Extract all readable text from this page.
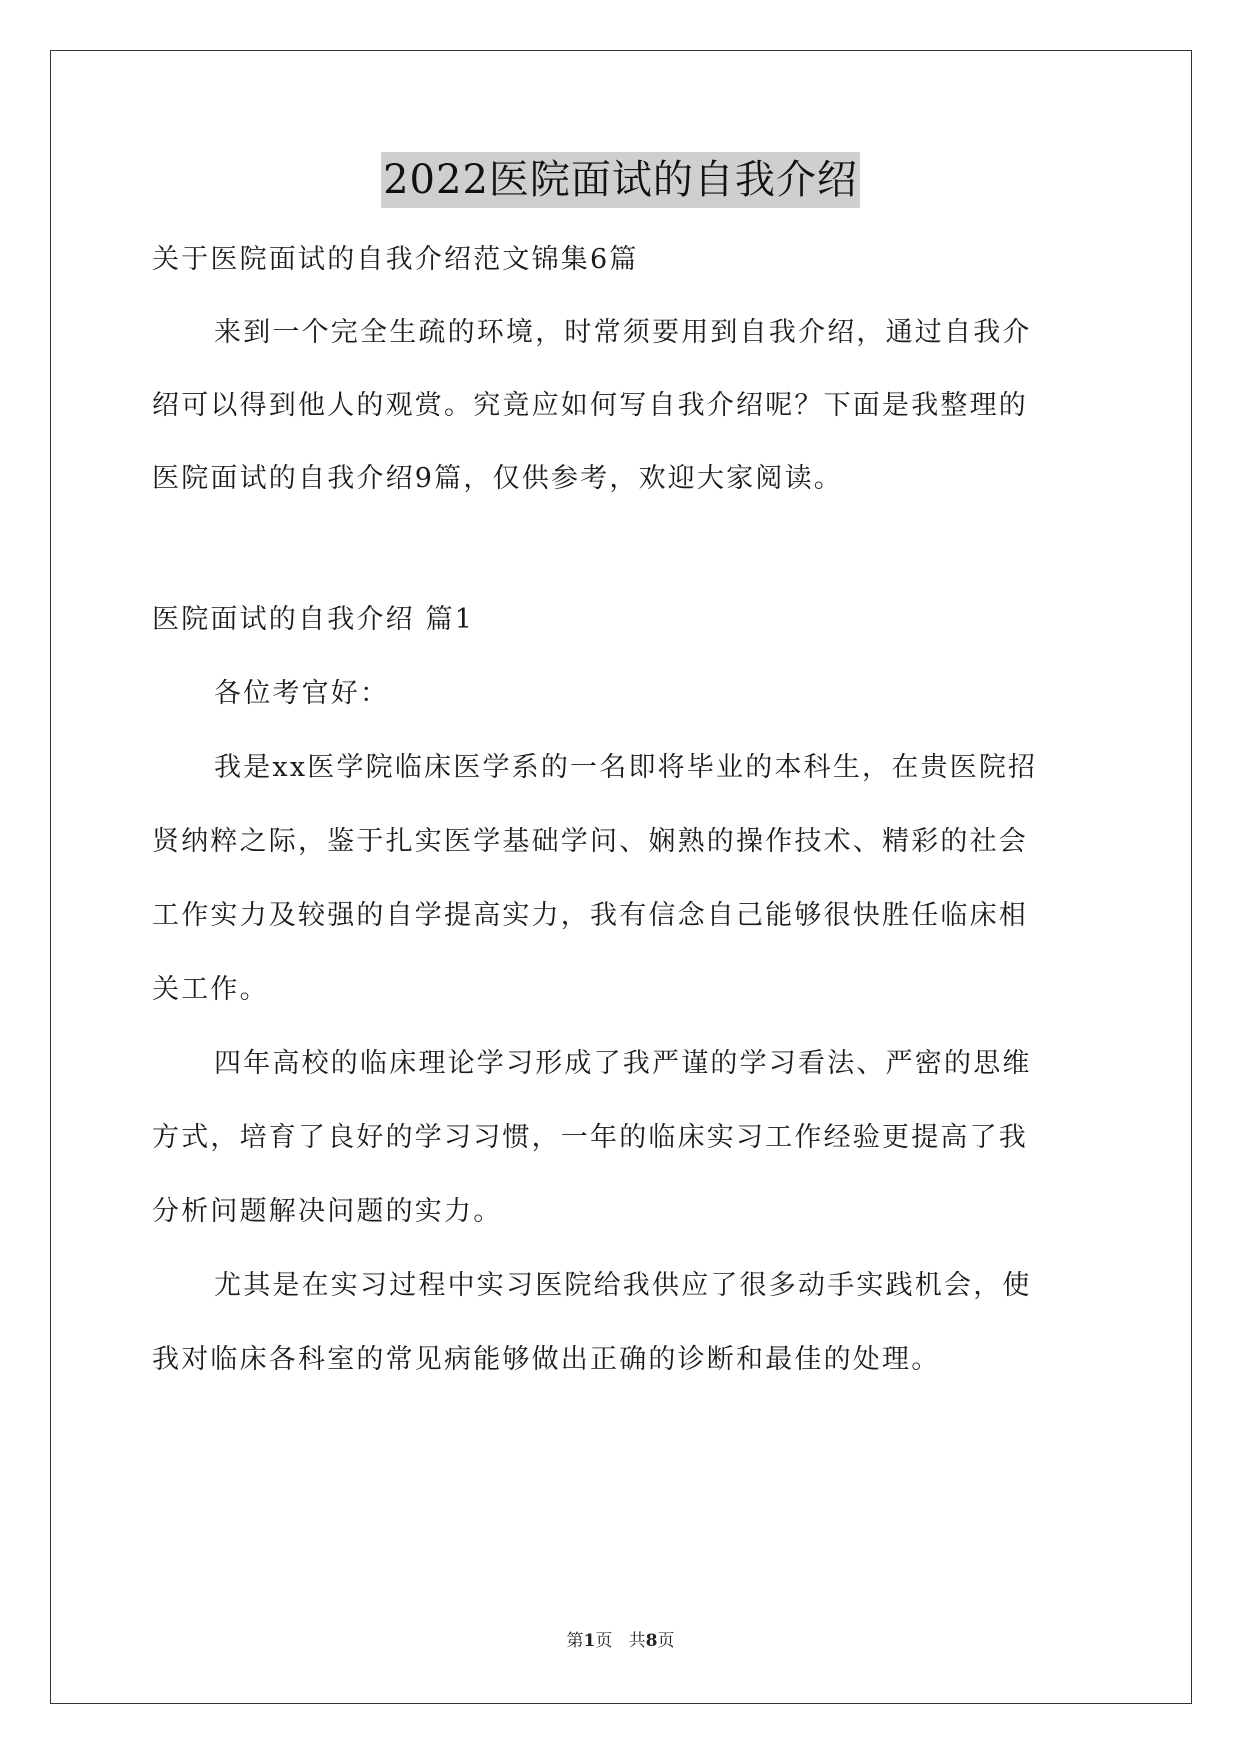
2022医院面试的自我介绍
关于医院面试的自我介绍范文锦集6篇
来到一个完全生疏的环境，时常须要用到自我介绍，通过自我介
绍可以得到他人的观赏。究竟应如何写自我介绍呢？下面是我整理的
医院面试的自我介绍9篇，仅供参考，欢迎大家阅读。
医院面试的自我介绍 篇1
各位考官好：
我是xx医学院临床医学系的一名即将毕业的本科生，在贵医院招
贤纳粹之际，鉴于扎实医学基础学问、娴熟的操作技术、精彩的社会
工作实力及较强的自学提高实力，我有信念自己能够很快胜任临床相
关工作。
四年高校的临床理论学习形成了我严谨的学习看法、严密的思维
方式，培育了良好的学习习惯，一年的临床实习工作经验更提高了我
分析问题解决问题的实力。
尤其是在实习过程中实习医院给我供应了很多动手实践机会，使
我对临床各科室的常见病能够做出正确的诊断和最佳的处理。
第1页   共8页
